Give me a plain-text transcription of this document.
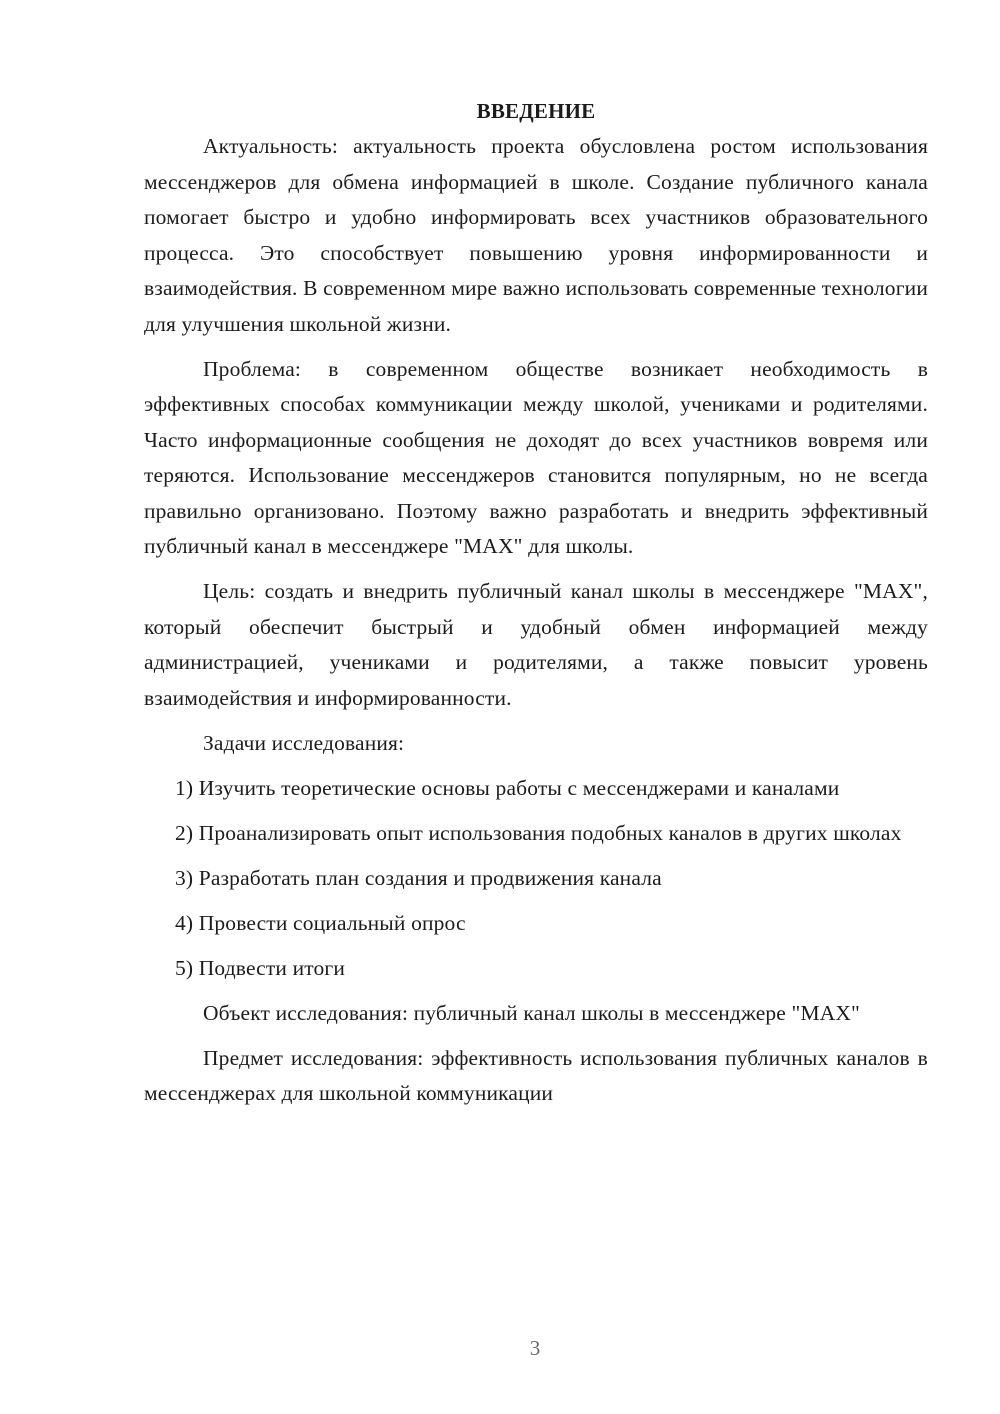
ВВЕДЕНИЕ

Актуальность: актуальность проекта обусловлена ростом использования мессенджеров для обмена информацией в школе. Создание публичного канала помогает быстро и удобно информировать всех участников образовательного процесса. Это способствует повышению уровня информированности и взаимодействия. В современном мире важно использовать современные технологии для улучшения школьной жизни.

Проблема: в современном обществе возникает необходимость в эффективных способах коммуникации между школой, учениками и родителями. Часто информационные сообщения не доходят до всех участников вовремя или теряются. Использование мессенджеров становится популярным, но не всегда правильно организовано. Поэтому важно разработать и внедрить эффективный публичный канал в мессенджере "MAX" для школы.

Цель: создать и внедрить публичный канал школы в мессенджере "MAX", который обеспечит быстрый и удобный обмен информацией между администрацией, учениками и родителями, а также повысит уровень взаимодействия и информированности.

Задачи исследования:

1) Изучить теоретические основы работы с мессенджерами и каналами

2) Проанализировать опыт использования подобных каналов в других школах

3) Разработать план создания и продвижения канала

4) Провести социальный опрос

5) Подвести итоги

Объект исследования: публичный канал школы в мессенджере "MAX"

Предмет исследования: эффективность использования публичных каналов в мессенджерах для школьной коммуникации

3
